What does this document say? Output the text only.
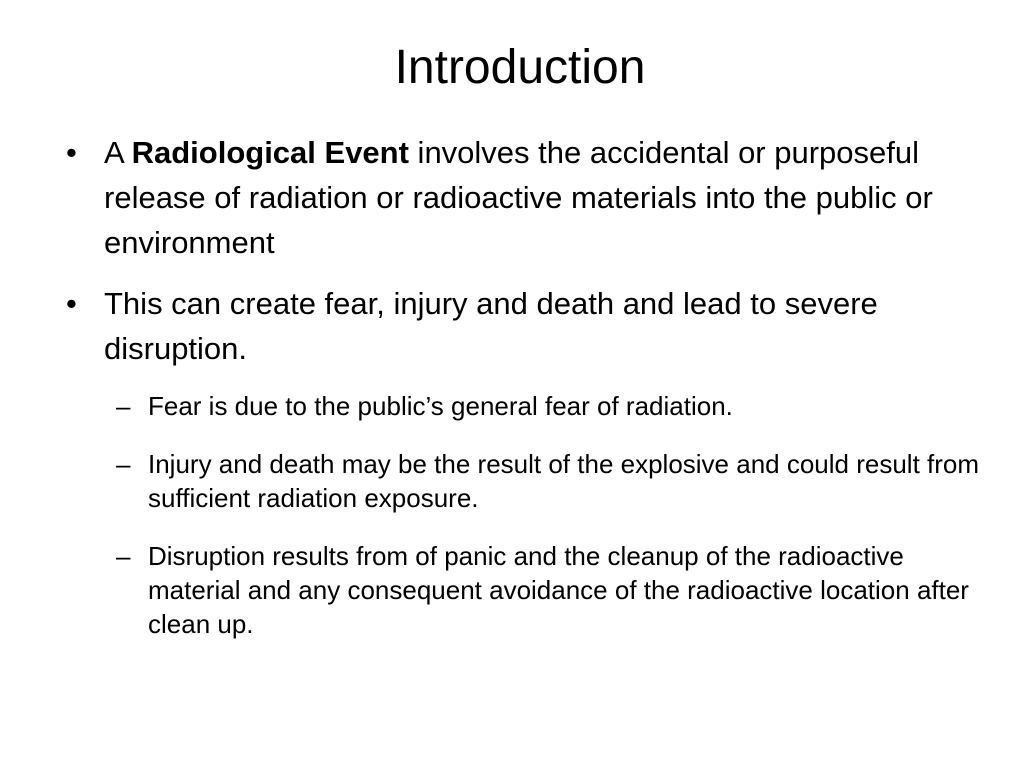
Introduction
• A Radiological Event involves the accidental or purposeful release of radiation or radioactive materials into the public or environment
• This can create fear, injury and death and lead to severe disruption.
– Fear is due to the public’s general fear of radiation.
– Injury and death may be the result of the explosive and could result from sufficient radiation exposure.
– Disruption results from of panic and the cleanup of the radioactive material and any consequent avoidance of the radioactive location after clean up.
